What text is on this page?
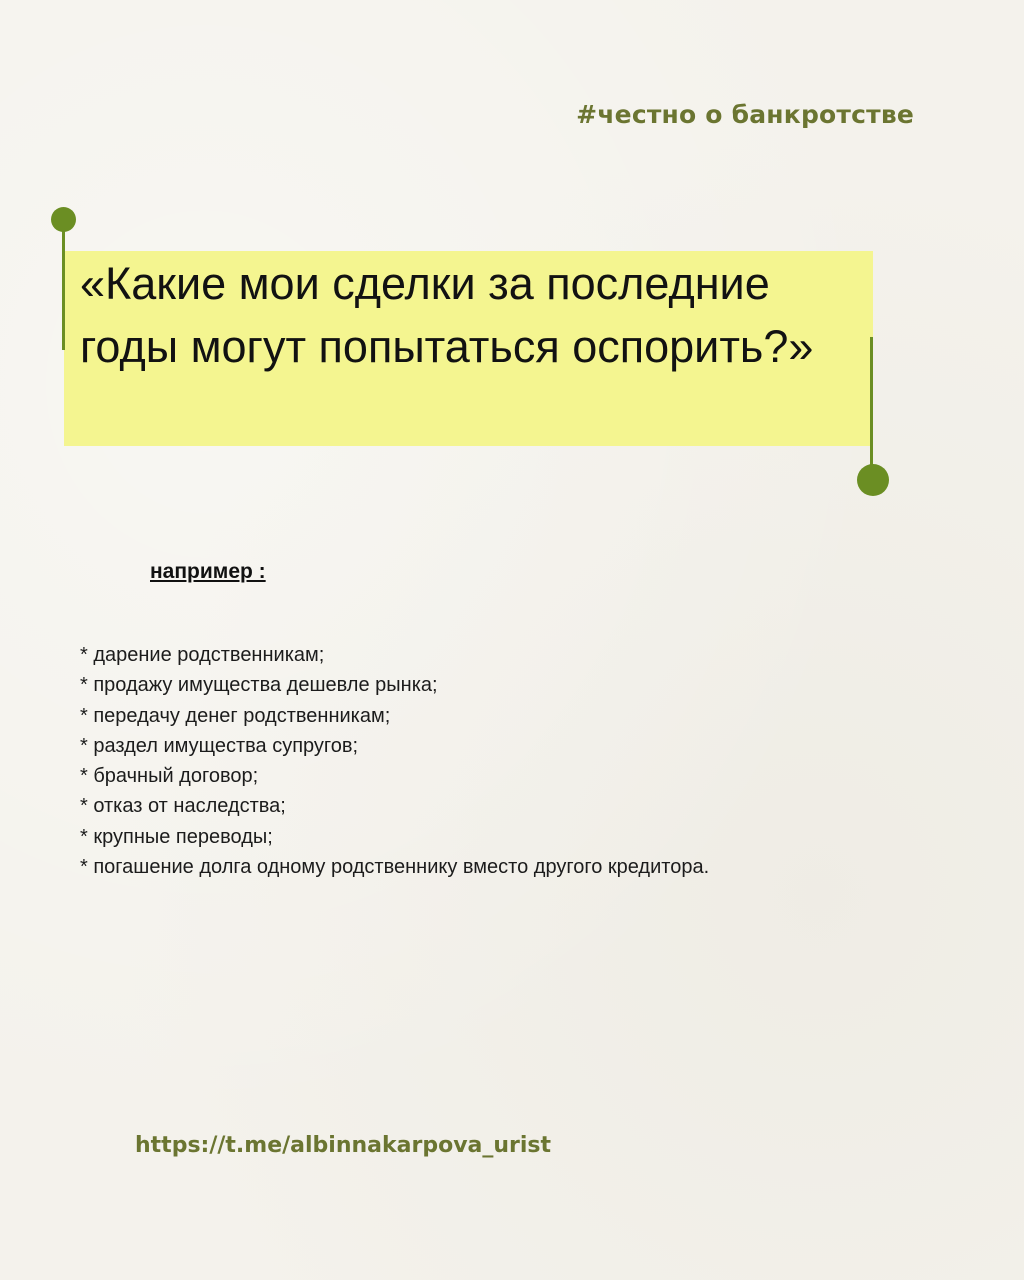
#честно о банкротстве
«Какие мои сделки за последние годы могут попытаться оспорить?»
например :
* дарение родственникам;
* продажу имущества дешевле рынка;
* передачу денег родственникам;
* раздел имущества супругов;
* брачный договор;
* отказ от наследства;
* крупные переводы;
* погашение долга одному родственнику вместо другого кредитора.
https://t.me/albinnakarpova_urist
